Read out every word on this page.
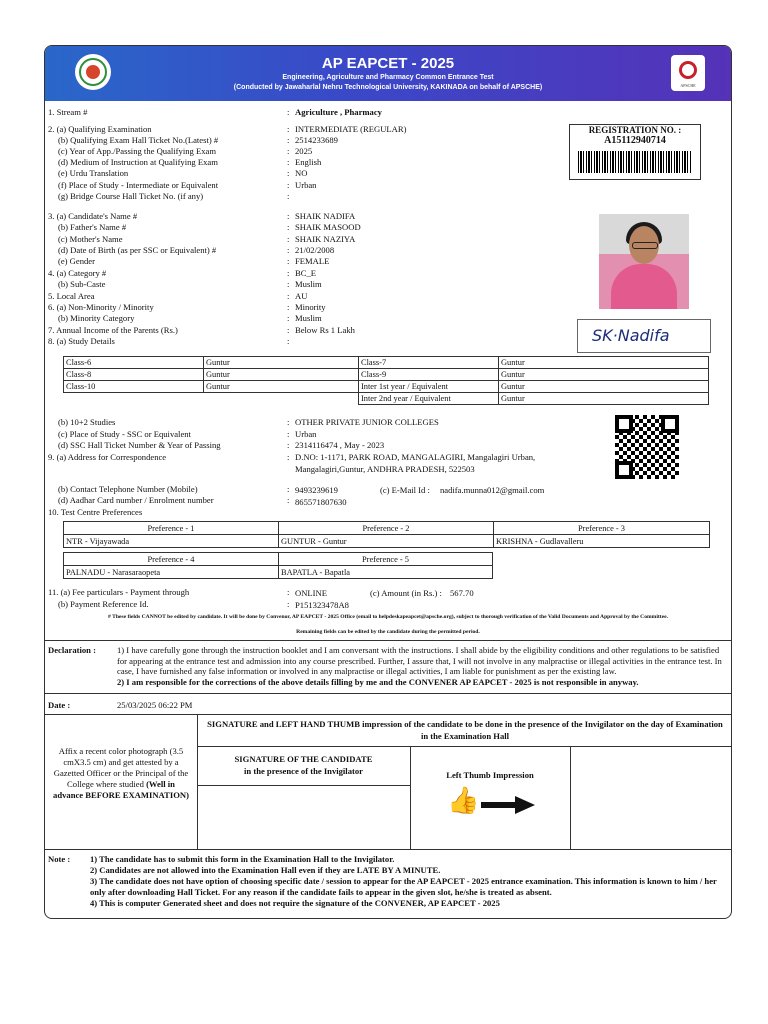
AP EAPCET - 2025
Engineering, Agriculture and Pharmacy Common Entrance Test
(Conducted by Jawaharlal Nehru Technological University, KAKINADA on behalf of APSCHE)	APSCHE
1. Stream #	: Agriculture , Pharmacy
2. (a) Qualifying Examination	: INTERMEDIATE (REGULAR)
(b) Qualifying Exam Hall Ticket No.(Latest) #	: 2514233689
(c) Year of App./Passing the Qualifying Exam	: 2025
(d) Medium of Instruction at Qualifying Exam	: English
(e) Urdu Translation	: NO
(f) Place of Study - Intermediate or Equivalent	: Urban
(g) Bridge Course Hall Ticket No. (if any)	:
REGISTRATION NO. :
A15112940714
3. (a) Candidate's Name #	: SHAIK NADIFA
(b) Father's Name #	: SHAIK MASOOD
(c) Mother's Name	: SHAIK NAZIYA
(d) Date of Birth (as per SSC or Equivalent) #	: 21/02/2008
(e) Gender	: FEMALE
4. (a) Category #	: BC_E
(b) Sub-Caste	: Muslim
5. Local Area	: AU
6. (a) Non-Minority / Minority	: Minority
(b) Minority Category	: Muslim
7. Annual Income of the Parents (Rs.)	: Below Rs 1 Lakh
8. (a) Study Details	:	SK·Nadifa
Class-6	Guntur	Class-7	Guntur
Class-8	Guntur	Class-9	Guntur
Class-10	Guntur	Inter 1st year / Equivalent	Guntur
		Inter 2nd year / Equivalent	Guntur
(b) 10+2 Studies	: OTHER PRIVATE JUNIOR COLLEGES
(c) Place of Study - SSC or Equivalent	: Urban
(d) SSC Hall Ticket Number & Year of Passing	: 2314116474 , May - 2023
9. (a) Address for Correspondence	: D.NO: 1-1171, PARK ROAD, MANGALAGIRI, Mangalagiri Urban,
Mangalagiri,Guntur, ANDHRA PRADESH, 522503
(b) Contact Telephone Number (Mobile)	: 9493239619	(c) E-Mail Id : nadifa.munna012@gmail.com
(d) Aadhar Card number / Enrolment number	: 865571807630
10. Test Centre Preferences
Preference - 1	Preference - 2	Preference - 3
NTR - Vijayawada	GUNTUR - Guntur	KRISHNA - Gudlavalleru
Preference - 4	Preference - 5
PALNADU - Narasaraopeta	BAPATLA - Bapatla
11. (a) Fee particulars - Payment through	: ONLINE	(c) Amount (in Rs.) : 567.70
(b) Payment Reference Id.	: P151323478A8
# These fields CANNOT be edited by candidate. It will be done by Convenor, AP EAPCET - 2025 Office (email to helpdeskapeapcet@apsche.org), subject to thorough verification of the Valid Documents and Approval by the Committee.
Remaining fields can be edited by the candidate during the permitted period.
Declaration : 1) I have carefully gone through the instruction booklet and I am conversant with the instructions. I shall abide by the eligibility conditions and other regulations to be satisfied for appearing at the entrance test and admission into any course prescribed. Further, I assure that, I will not involve in any malpractise or illegal activities in the entrance test. In case, I have furnished any false information or involved in any malpractise or illegal activities, I am liable for punishment as per the existing law.
2) I am responsible for the corrections of the above details filling by me and the CONVENER AP EAPCET - 2025 is not responsible in anyway.
Date :	25/03/2025 06:22 PM
SIGNATURE and LEFT HAND THUMB impression of the candidate to be done in the presence of the Invigilator on the day of Examination in the Examination Hall
Affix a recent color photograph (3.5 cmX3.5 cm) and get attested by a Gazetted Officer or the Principal of the College where studied (Well in advance BEFORE EXAMINATION)
SIGNATURE OF THE CANDIDATE
in the presence of the Invigilator	Left Thumb Impression
👍
Note : 1) The candidate has to submit this form in the Examination Hall to the Invigilator.
2) Candidates are not allowed into the Examination Hall even if they are LATE BY A MINUTE.
3) The candidate does not have option of choosing specific date / session to appear for the AP EAPCET - 2025 entrance examination. This information is known to him / her only after downloading Hall Ticket. For any reason if the candidate fails to appear in the given slot, he/she is treated as absent.
4) This is computer Generated sheet and does not require the signature of the CONVENER, AP EAPCET - 2025
